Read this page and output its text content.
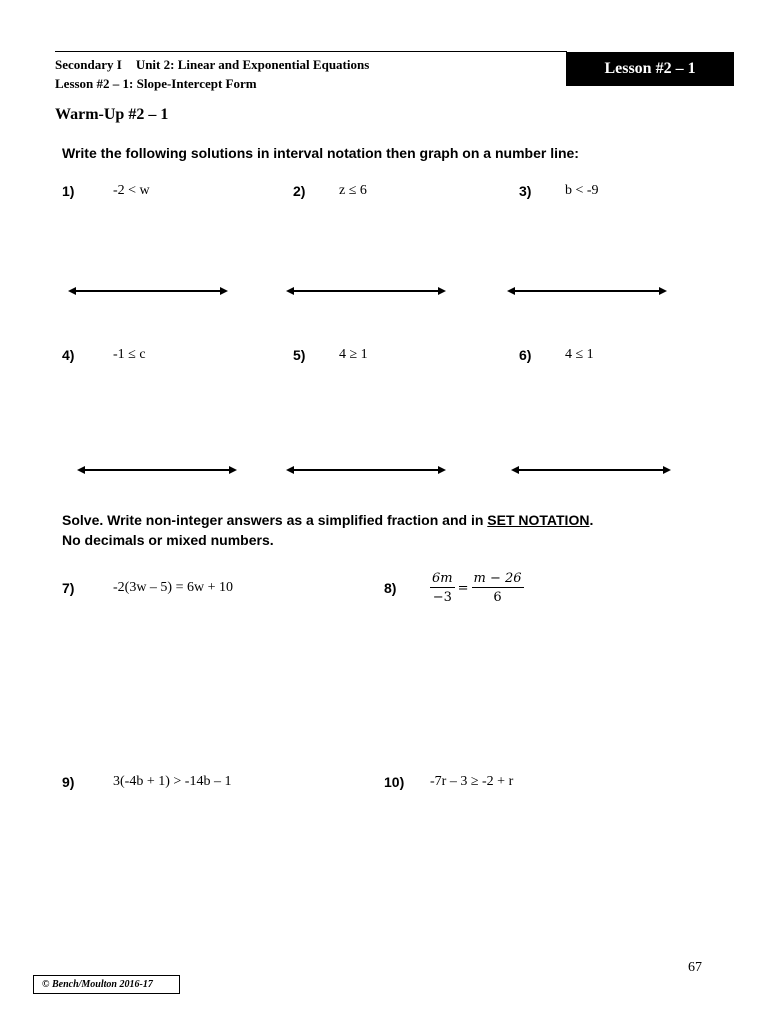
Secondary I Unit 2: Linear and Exponential Equations
Lesson #2 – 1: Slope-Intercept Form
Lesson #2 – 1
Warm-Up #2 – 1
Write the following solutions in interval notation then graph on a number line:
1)	-2 < w	2) z ≤ 6	3) b < -9
4)	-1 ≤ c	5) 4 ≥ 1	6) 4 ≤ 1
Solve. Write non-integer answers as a simplified fraction and in SET NOTATION.
No decimals or mixed numbers.
7)	-2(3w – 5) = 6w + 10	8)	$\frac{6m}{-3} = \frac{m - 26}{6}$
9)	3(-4b + 1) > -14b – 1	10) -7r – 3 ≥ -2 + r
67
© Bench/Moulton 2016-17
